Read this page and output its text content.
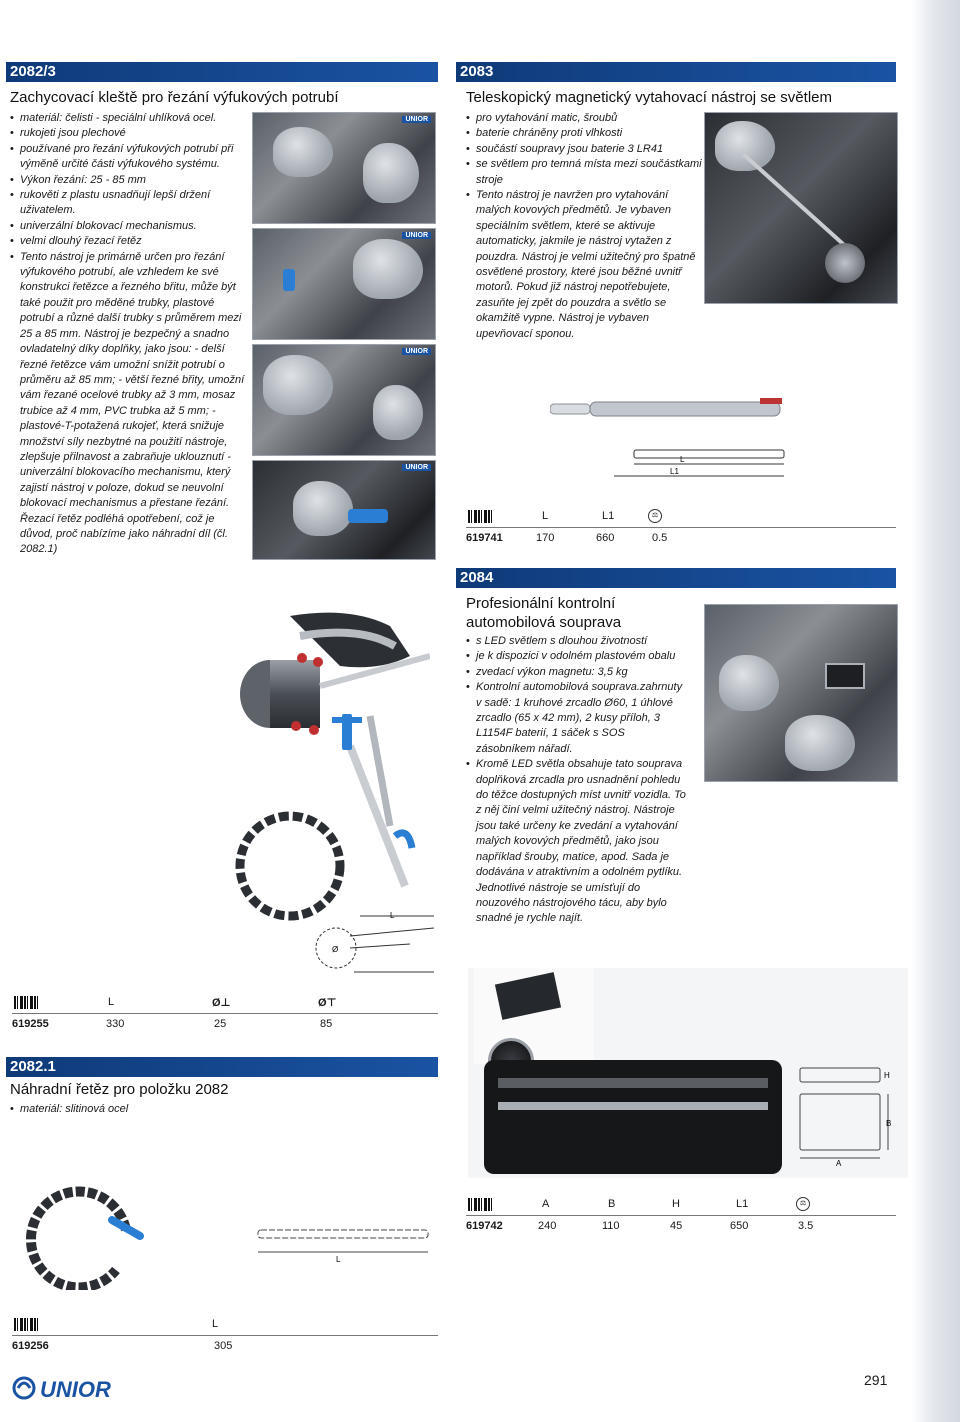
2082/3
Zachycovací kleště pro řezání výfukových potrubí
• materiál: čelisti - speciální uhlíková ocel.
• rukojeti jsou plechové
• používané pro řezání výfukových potrubí při výměně určité části výfukového systému.
• Výkon řezání: 25 - 85 mm
• rukověti z plastu usnadňují lepší držení uživatelem.
• univerzální blokovací mechanismus.
• velmi dlouhý řezací řetěz
• Tento nástroj je primárně určen pro řezání výfukového potrubí, ale vzhledem ke své konstrukci řetězce a řezného břitu, může být také použit pro měděné trubky, plastové potrubí a různé další trubky s průměrem mezi 25 a 85 mm. Nástroj je bezpečný a snadno ovladatelný díky doplňky, jako jsou: - delší řezné řetězce vám umožní snížit potrubí o průměru až 85 mm; - větší řezné břity, umožní vám řezané ocelové trubky až 3 mm, mosaz trubice až 4 mm, PVC trubka až 5 mm; - plastové-T-potažená rukojeť, která snižuje množství síly nezbytné na použití nástroje, zlepšuje přilnavost a zabraňuje uklouznutí - univerzální blokovacího mechanismu, který zajistí nástroj v poloze, dokud se neuvolní blokovací mechanismus a přestane řezání. Řezací řetěz podléhá opotřebení, což je důvod, proč nabízíme jako náhradní díl (čl. 2082.1)
UNIOR
UNIOR
UNIOR
UNIOR
L
Ø
L	Ø⊥	Ø⊤
619255	330	25	85
2082.1
Náhradní řetěz pro položku 2082
• materiál: slitinová ocel
L
L
619256	305
2083
Teleskopický magnetický vytahovací nástroj se světlem
• pro vytahování matic, šroubů
• baterie chráněny proti vlhkosti
• součástí soupravy jsou baterie 3 LR41
• se světlem pro temná místa mezi součástkami stroje
• Tento nástroj je navržen pro vytahování malých kovových předmětů. Je vybaven speciálním světlem, které se aktivuje automaticky, jakmile je nástroj vytažen z pouzdra. Nástroj je velmi užitečný pro špatně osvětlené prostory, které jsou běžné uvnitř motorů. Pokud již nástroj nepotřebujete, zasuňte jej zpět do pouzdra a světlo se okamžitě vypne. Nástroj je vybaven upevňovací sponou.
L
L1
L	L1	⚖
619741	170	660	0.5
2084
Profesionální kontrolní automobilová souprava
• s LED světlem s dlouhou životností
• je k dispozici v odolném plastovém obalu
• zvedací výkon magnetu: 3,5 kg
• Kontrolní automobilová souprava.zahrnuty v sadě: 1 kruhové zrcadlo Ø60, 1 úhlové zrcadlo (65 x 42 mm), 2 kusy příloh, 3 L1154F baterií, 1 sáček s SOS zásobníkem nářadí.
• Kromě LED světla obsahuje tato souprava doplňková zrcadla pro usnadnění pohledu do těžce dostupných míst uvnitř vozidla. To z něj činí velmi užitečný nástroj. Nástroje jsou také určeny ke zvedání a vytahování malých kovových předmětů, jako jsou například šrouby, matice, apod. Sada je dodávána v atraktivním a odolném pytlíku. Jednotlivé nástroje se umísťují do nouzového nástrojového tácu, aby bylo snadné je rychle najít.
H
B
A
A	B	H	L1	⚖
619742	240	110	45	650	3.5
UNIOR	291
